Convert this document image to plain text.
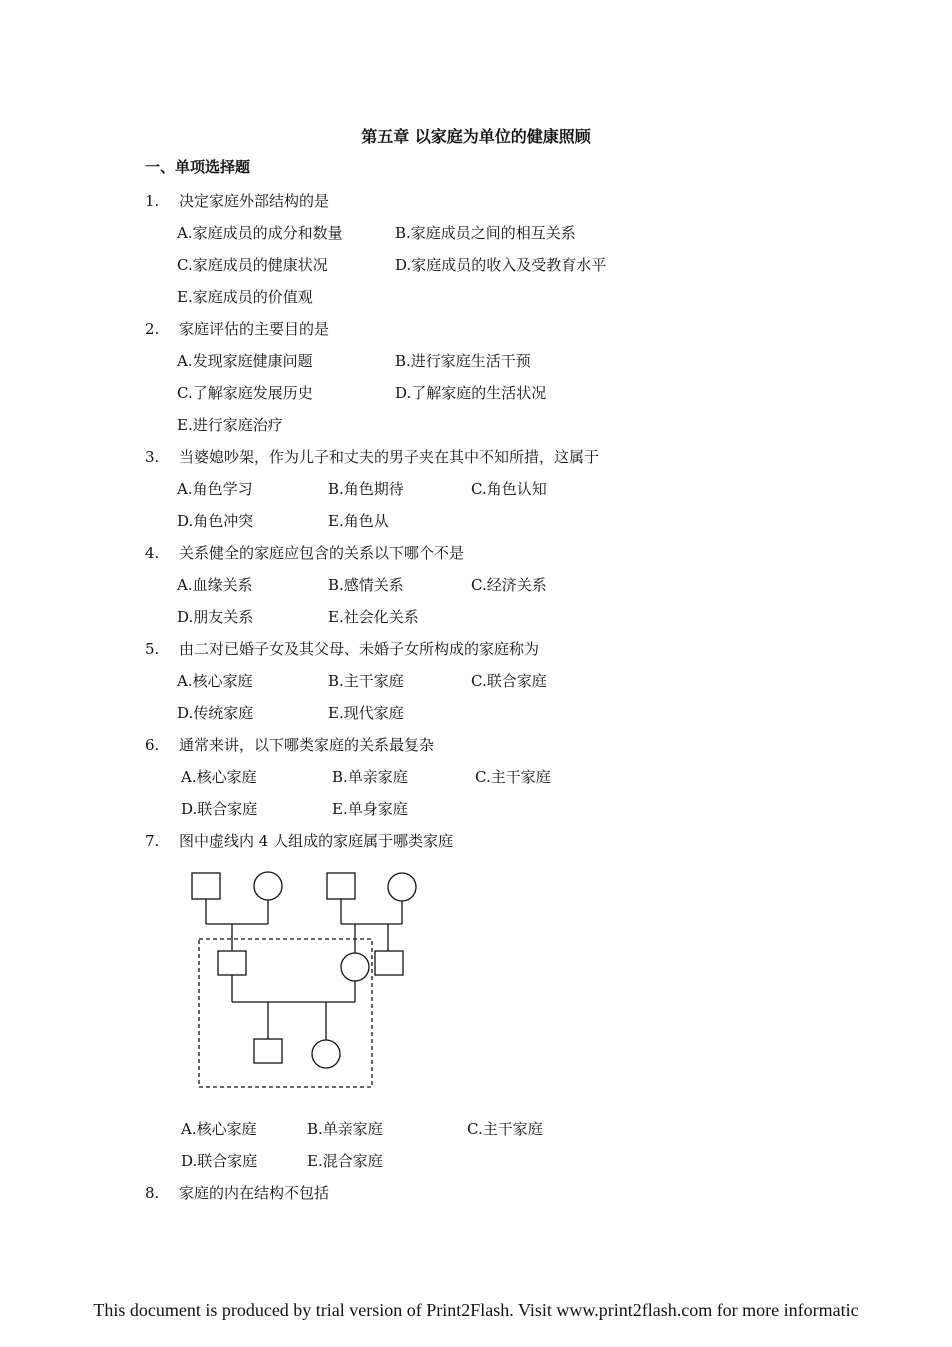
第五章 以家庭为单位的健康照顾
一、单项选择题
1. 决定家庭外部结构的是
A.家庭成员的成分和数量	B.家庭成员之间的相互关系
C.家庭成员的健康状况	D.家庭成员的收入及受教育水平
E.家庭成员的价值观
2. 家庭评估的主要目的是
A.发现家庭健康问题	B.进行家庭生活干预
C.了解家庭发展历史	D.了解家庭的生活状况
E.进行家庭治疗
3. 当婆媳吵架，作为儿子和丈夫的男子夹在其中不知所措，这属于
A.角色学习	B.角色期待	C.角色认知
D.角色冲突	E.角色从
4. 关系健全的家庭应包含的关系以下哪个不是
A.血缘关系	B.感情关系	C.经济关系
D.朋友关系	E.社会化关系
5. 由二对已婚子女及其父母、未婚子女所构成的家庭称为
A.核心家庭	B.主干家庭	C.联合家庭
D.传统家庭	E.现代家庭
6. 通常来讲，以下哪类家庭的关系最复杂
A.核心家庭	B.单亲家庭	C.主干家庭
D.联合家庭	E.单身家庭
7. 图中虚线内 4 人组成的家庭属于哪类家庭
A.核心家庭	B.单亲家庭	C.主干家庭
D.联合家庭	E.混合家庭
8. 家庭的内在结构不包括
This document is produced by trial version of Print2Flash. Visit www.print2flash.com for more informatic
